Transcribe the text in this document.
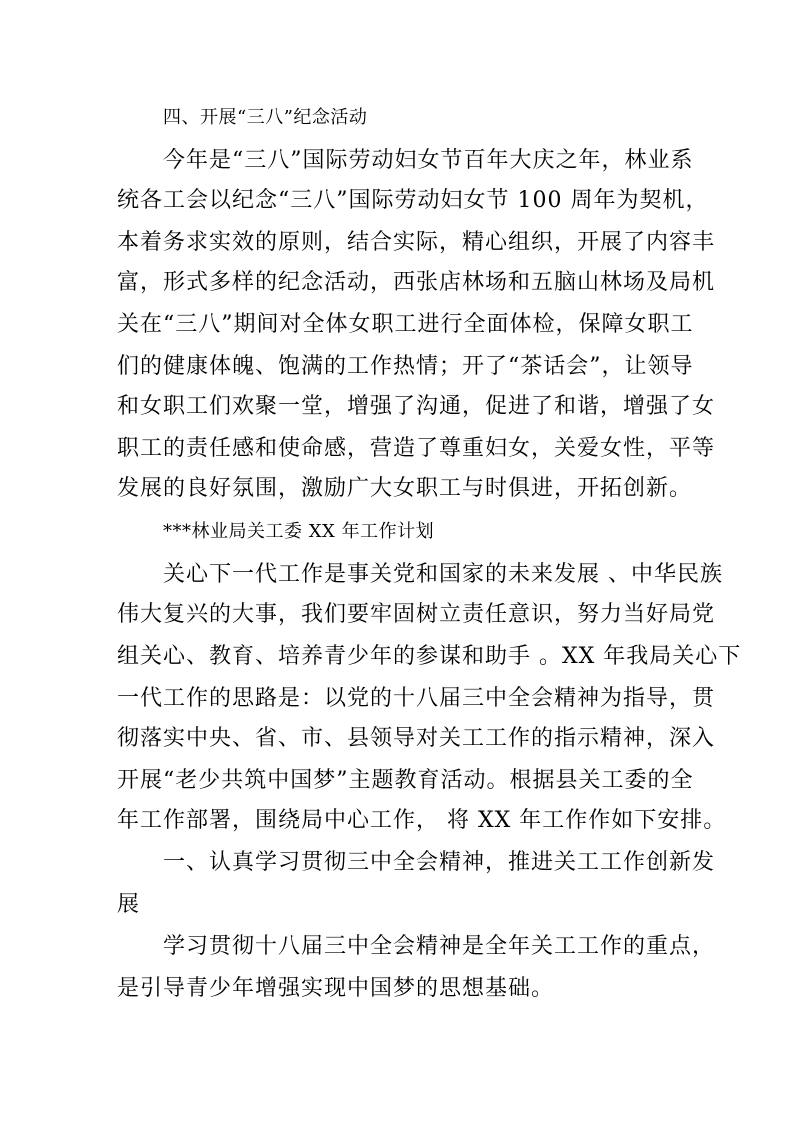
四、开展“三八”纪念活动
今年是“三八”国际劳动妇女节百年大庆之年，林业系
统各工会以纪念“三八”国际劳动妇女节 100 周年为契机，
本着务求实效的原则，结合实际，精心组织，开展了内容丰
富，形式多样的纪念活动，西张店林场和五脑山林场及局机
关在“三八”期间对全体女职工进行全面体检，保障女职工
们的健康体魄、饱满的工作热情；开了“茶话会”，让领导
和女职工们欢聚一堂，增强了沟通，促进了和谐，增强了女
职工的责任感和使命感，营造了尊重妇女，关爱女性，平等
发展的良好氛围，激励广大女职工与时俱进，开拓创新。
***林业局关工委 XX 年工作计划
关心下一代工作是事关党和国家的未来发展 、中华民族
伟大复兴的大事，我们要牢固树立责任意识，努力当好局党
组关心、教育、培养青少年的参谋和助手 。XX 年我局关心下
一代工作的思路是：以党的十八届三中全会精神为指导，贯
彻落实中央、省、市、县领导对关工工作的指示精神，深入
开展“老少共筑中国梦”主题教育活动。根据县关工委的全
年工作部署，围绕局中心工作， 将 XX 年工作作如下安排。
一、认真学习贯彻三中全会精神，推进关工工作创新发
展
学习贯彻十八届三中全会精神是全年关工工作的重点，
是引导青少年增强实现中国梦的思想基础。
